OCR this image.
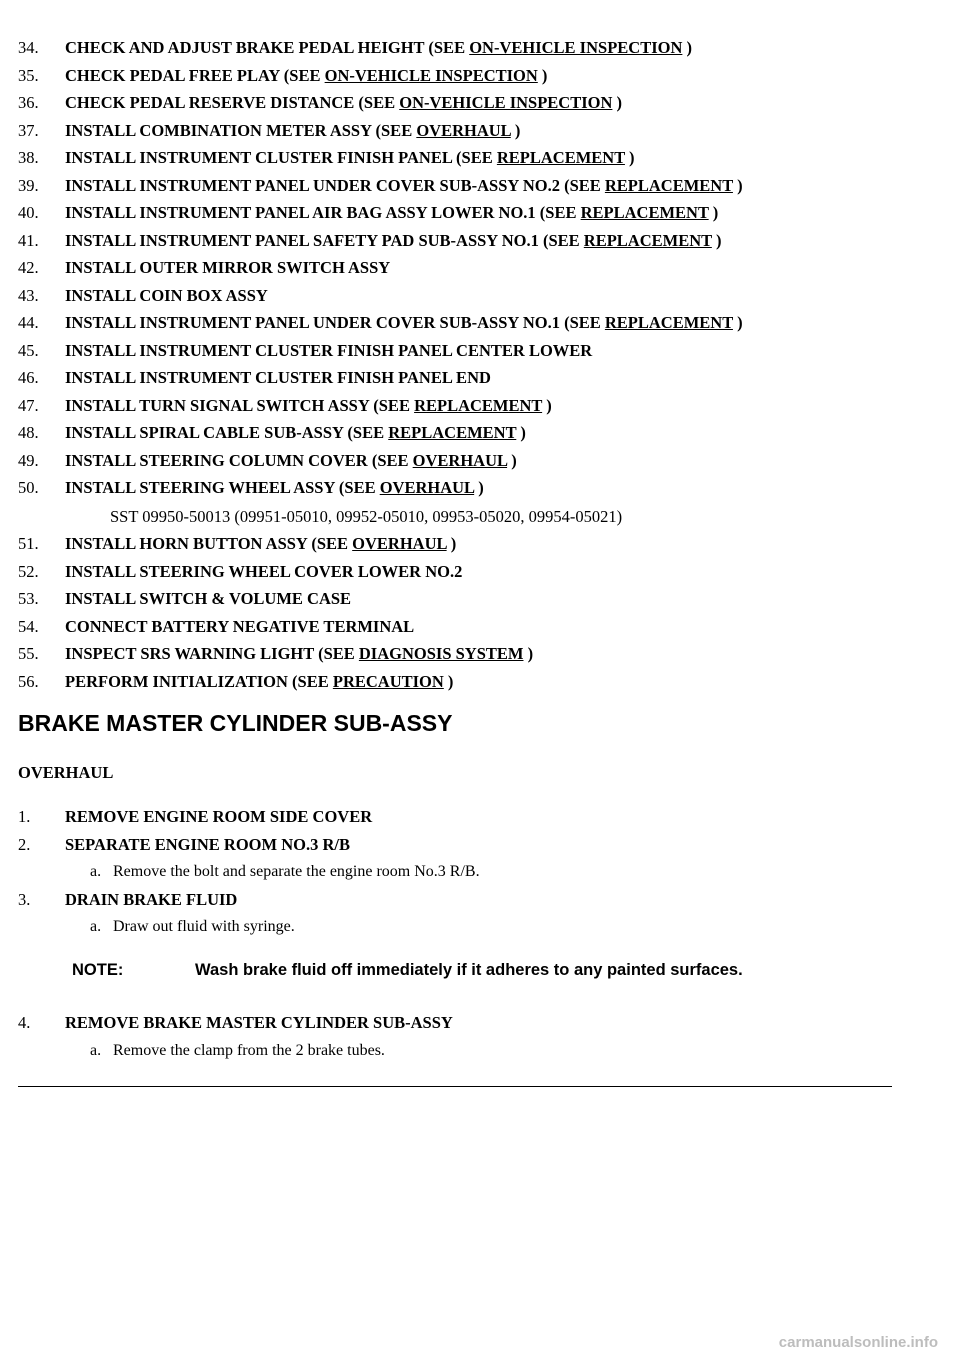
34.	CHECK AND ADJUST BRAKE PEDAL HEIGHT (SEE ON-VEHICLE INSPECTION )
35.	CHECK PEDAL FREE PLAY (SEE ON-VEHICLE INSPECTION )
36.	CHECK PEDAL RESERVE DISTANCE (SEE ON-VEHICLE INSPECTION )
37.	INSTALL COMBINATION METER ASSY (SEE OVERHAUL )
38.	INSTALL INSTRUMENT CLUSTER FINISH PANEL (SEE REPLACEMENT )
39.	INSTALL INSTRUMENT PANEL UNDER COVER SUB-ASSY NO.2 (SEE REPLACEMENT )
40.	INSTALL INSTRUMENT PANEL AIR BAG ASSY LOWER NO.1 (SEE REPLACEMENT )
41.	INSTALL INSTRUMENT PANEL SAFETY PAD SUB-ASSY NO.1 (SEE REPLACEMENT )
42.	INSTALL OUTER MIRROR SWITCH ASSY
43.	INSTALL COIN BOX ASSY
44.	INSTALL INSTRUMENT PANEL UNDER COVER SUB-ASSY NO.1 (SEE REPLACEMENT )
45.	INSTALL INSTRUMENT CLUSTER FINISH PANEL CENTER LOWER
46.	INSTALL INSTRUMENT CLUSTER FINISH PANEL END
47.	INSTALL TURN SIGNAL SWITCH ASSY (SEE REPLACEMENT )
48.	INSTALL SPIRAL CABLE SUB-ASSY (SEE REPLACEMENT )
49.	INSTALL STEERING COLUMN COVER (SEE OVERHAUL )
50.	INSTALL STEERING WHEEL ASSY (SEE OVERHAUL )
SST 09950-50013 (09951-05010, 09952-05010, 09953-05020, 09954-05021)
51.	INSTALL HORN BUTTON ASSY (SEE OVERHAUL )
52.	INSTALL STEERING WHEEL COVER LOWER NO.2
53.	INSTALL SWITCH & VOLUME CASE
54.	CONNECT BATTERY NEGATIVE TERMINAL
55.	INSPECT SRS WARNING LIGHT (SEE DIAGNOSIS SYSTEM )
56.	PERFORM INITIALIZATION (SEE PRECAUTION )
BRAKE MASTER CYLINDER SUB-ASSY
OVERHAUL
1.	REMOVE ENGINE ROOM SIDE COVER
2.	SEPARATE ENGINE ROOM NO.3 R/B
a. Remove the bolt and separate the engine room No.3 R/B.
3.	DRAIN BRAKE FLUID
a. Draw out fluid with syringe.
NOTE:	Wash brake fluid off immediately if it adheres to any painted surfaces.
4.	REMOVE BRAKE MASTER CYLINDER SUB-ASSY
a. Remove the clamp from the 2 brake tubes.
carmanualsonline.info
